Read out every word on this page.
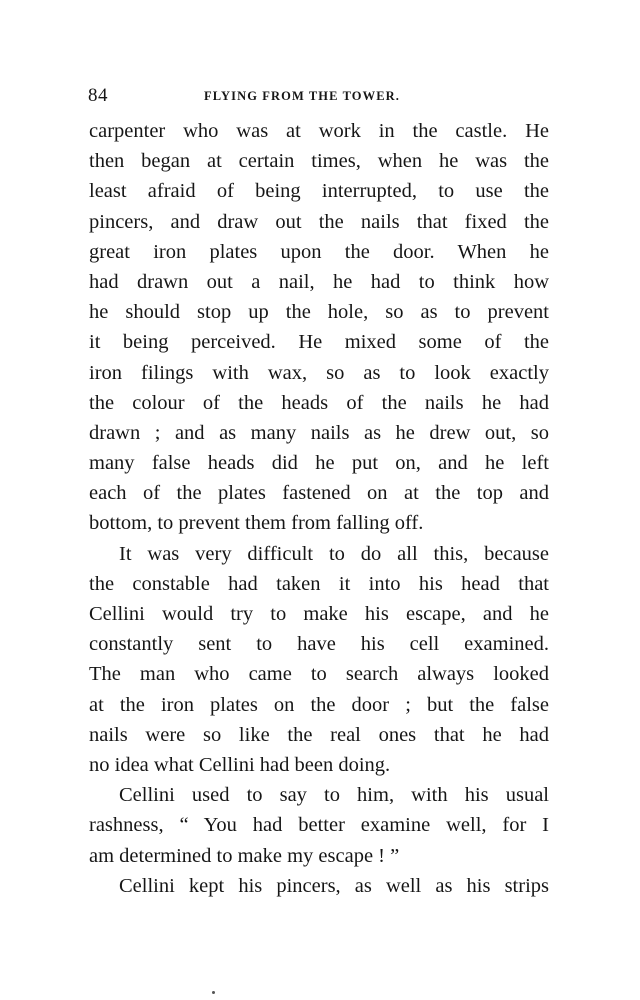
84	FLYING FROM THE TOWER.
carpenter who was at work in the castle. He
then began at certain times, when he was the
least afraid of being interrupted, to use the
pincers, and draw out the nails that fixed the
great iron plates upon the door. When he
had drawn out a nail, he had to think how
he should stop up the hole, so as to prevent
it being perceived. He mixed some of the
iron filings with wax, so as to look exactly
the colour of the heads of the nails he had
drawn ; and as many nails as he drew out, so
many false heads did he put on, and he left
each of the plates fastened on at the top and
bottom, to prevent them from falling off.
It was very difficult to do all this, because
the constable had taken it into his head that
Cellini would try to make his escape, and he
constantly sent to have his cell examined.
The man who came to search always looked
at the iron plates on the door ; but the false
nails were so like the real ones that he had
no idea what Cellini had been doing.
Cellini used to say to him, with his usual
rashness, “ You had better examine well, for I
am determined to make my escape ! ”
Cellini kept his pincers, as well as his strips
